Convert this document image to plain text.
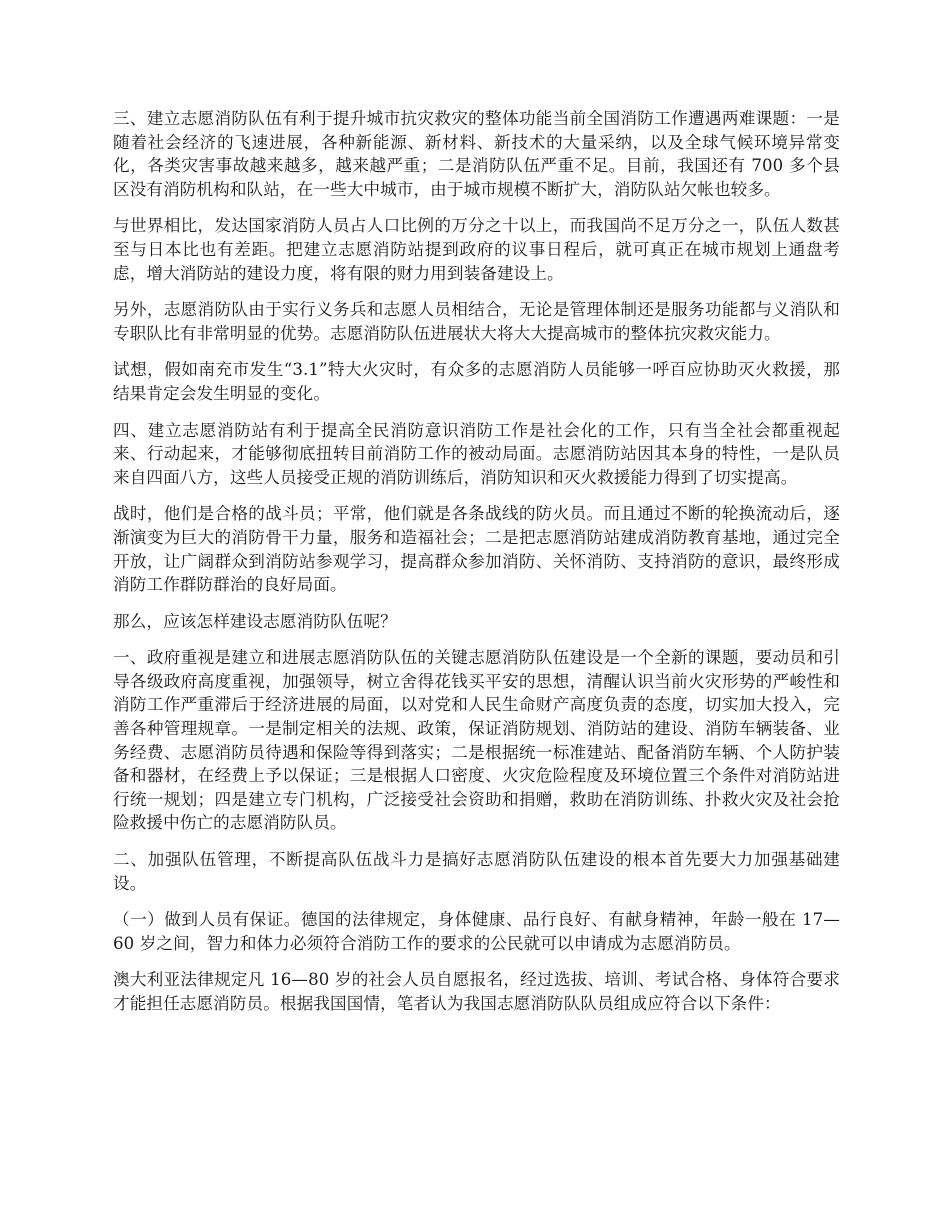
三、建立志愿消防队伍有利于提升城市抗灾救灾的整体功能当前全国消防工作遭遇两难课题：一是随着社会经济的飞速进展，各种新能源、新材料、新技术的大量采纳，以及全球气候环境异常变化，各类灾害事故越来越多，越来越严重；二是消防队伍严重不足。目前，我国还有 700 多个县区没有消防机构和队站，在一些大中城市，由于城市规模不断扩大，消防队站欠帐也较多。

与世界相比，发达国家消防人员占人口比例的万分之十以上，而我国尚不足万分之一，队伍人数甚至与日本比也有差距。把建立志愿消防站提到政府的议事日程后，就可真正在城市规划上通盘考虑，增大消防站的建设力度，将有限的财力用到装备建设上。

另外，志愿消防队由于实行义务兵和志愿人员相结合，无论是管理体制还是服务功能都与义消队和专职队比有非常明显的优势。志愿消防队伍进展状大将大大提高城市的整体抗灾救灾能力。

试想，假如南充市发生“3.1”特大火灾时，有众多的志愿消防人员能够一呼百应协助灭火救援，那结果肯定会发生明显的变化。

四、建立志愿消防站有利于提高全民消防意识消防工作是社会化的工作，只有当全社会都重视起来、行动起来，才能够彻底扭转目前消防工作的被动局面。志愿消防站因其本身的特性，一是队员来自四面八方，这些人员接受正规的消防训练后，消防知识和灭火救援能力得到了切实提高。

战时，他们是合格的战斗员；平常，他们就是各条战线的防火员。而且通过不断的轮换流动后，逐渐演变为巨大的消防骨干力量，服务和造福社会；二是把志愿消防站建成消防教育基地，通过完全开放，让广阔群众到消防站参观学习，提高群众参加消防、关怀消防、支持消防的意识，最终形成消防工作群防群治的良好局面。

那么，应该怎样建设志愿消防队伍呢？

一、政府重视是建立和进展志愿消防队伍的关键志愿消防队伍建设是一个全新的课题，要动员和引导各级政府高度重视，加强领导，树立舍得花钱买平安的思想，清醒认识当前火灾形势的严峻性和消防工作严重滞后于经济进展的局面，以对党和人民生命财产高度负责的态度，切实加大投入，完善各种管理规章。一是制定相关的法规、政策，保证消防规划、消防站的建设、消防车辆装备、业务经费、志愿消防员待遇和保险等得到落实；二是根据统一标准建站、配备消防车辆、个人防护装备和器材，在经费上予以保证；三是根据人口密度、火灾危险程度及环境位置三个条件对消防站进行统一规划；四是建立专门机构，广泛接受社会资助和捐赠，救助在消防训练、扑救火灾及社会抢险救援中伤亡的志愿消防队员。

二、加强队伍管理，不断提高队伍战斗力是搞好志愿消防队伍建设的根本首先要大力加强基础建设。

（一）做到人员有保证。德国的法律规定，身体健康、品行良好、有献身精神，年龄一般在 17—60 岁之间，智力和体力必须符合消防工作的要求的公民就可以申请成为志愿消防员。

澳大利亚法律规定凡 16—80 岁的社会人员自愿报名，经过选拔、培训、考试合格、身体符合要求才能担任志愿消防员。根据我国国情，笔者认为我国志愿消防队队员组成应符合以下条件：
